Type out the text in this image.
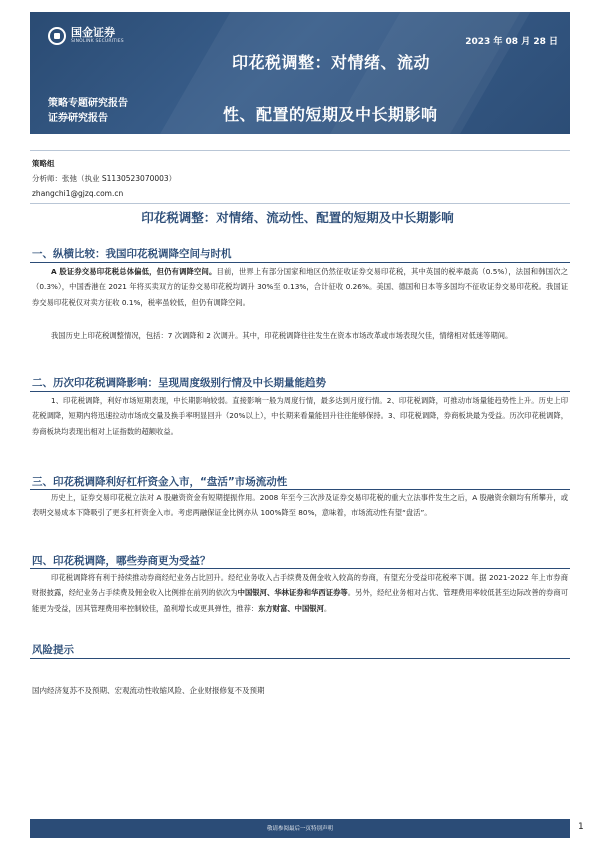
国金证券
SINOLINK SECURITIES	2023 年 08 月 28 日
印花税调整：对情绪、流动
性、配置的短期及中长期影响
策略专题研究报告
证券研究报告
策略组
分析师：张弛（执业 S1130523070003）
zhangchi1@gjzq.com.cn
印花税调整：对情绪、流动性、配置的短期及中长期影响
一、纵横比较：我国印花税调降空间与时机
A 股证券交易印花税总体偏低，但仍有调降空间。目前，世界上有部分国家和地区仍然征收证券交易印花税，其中英国的税率最高（0.5%），法国和韩国次之（0.3%），中国香港在 2021 年将买卖双方的证券交易印花税均调升 30%至 0.13%，合计征收 0.26%。美国、德国和日本等多国均不征收证券交易印花税。我国证券交易印花税仅对卖方征收 0.1%，税率虽较低，但仍有调降空间。
我国历史上印花税调整情况，包括：7 次调降和 2 次调升。其中，印花税调降往往发生在资本市场改革或市场表现欠佳，情绪相对低迷等期间。
二、历次印花税调降影响：呈现周度级别行情及中长期量能趋势
1、印花税调降，利好市场短期表现，中长期影响较弱。直接影响一般为周度行情，最多达到月度行情。2、印花税调降，可推动市场量能趋势性上升。历史上印花税调降，短期内将迅速拉动市场成交量及换手率明显回升（20%以上），中长期来看量能回升往往能够保持。3、印花税调降，券商板块最为受益。历次印花税调降，券商板块均表现出相对上证指数的超额收益。
三、印花税调降利好杠杆资金入市，“盘活”市场流动性
历史上，证券交易印花税立法对 A 股融资资金有短期提振作用。2008 年至今三次涉及证券交易印花税的重大立法事件发生之后，A 股融资余额均有所攀升，或表明交易成本下降吸引了更多杠杆资金入市。考虑两融保证金比例亦从 100%降至 80%，意味着，市场流动性有望“盘活”。
四、印花税调降，哪些券商更为受益？
印花税调降将有利于持续推动券商经纪业务占比回升。经纪业务收入占手续费及佣金收入较高的券商，有望充分受益印花税率下调。据 2021-2022 年上市券商财报披露，经纪业务占手续费及佣金收入比例排在前列的依次为中国银河、华林证券和华西证券等。另外，经纪业务相对占优、管理费用率较低甚至边际改善的券商可能更为受益，因其管理费用率控制较佳，盈利增长或更具弹性，推荐：东方财富、中国银河。
风险提示
国内经济复苏不及预期、宏观流动性收缩风险、企业财报修复不及预期
敬请参阅最后一页特别声明	1
